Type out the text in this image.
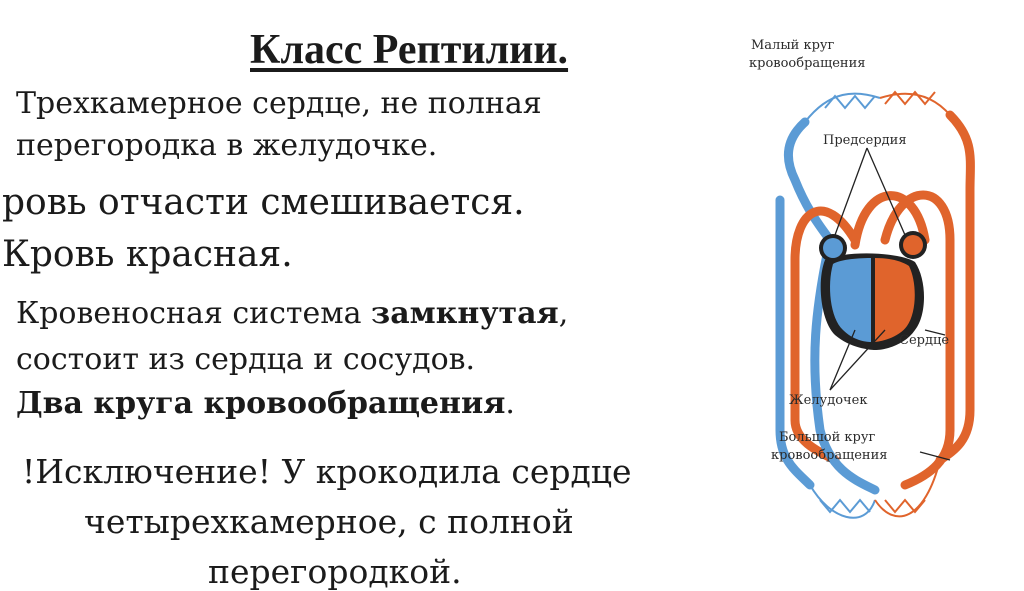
Класс Рептилии.
Трехкамерное сердце, не полная
перегородка в желудочке.
ровь отчасти смешивается.
Кровь красная.
Кровеносная система замкнутая,
состоит из сердца и сосудов.
Два круга кровообращения.
!Исключение! У крокодила сердце
четырехкамерное, с полной
перегородкой.
Малый круг
кровообращения
Предсердия
Сердце
Желудочек
Большой круг
кровообращения
